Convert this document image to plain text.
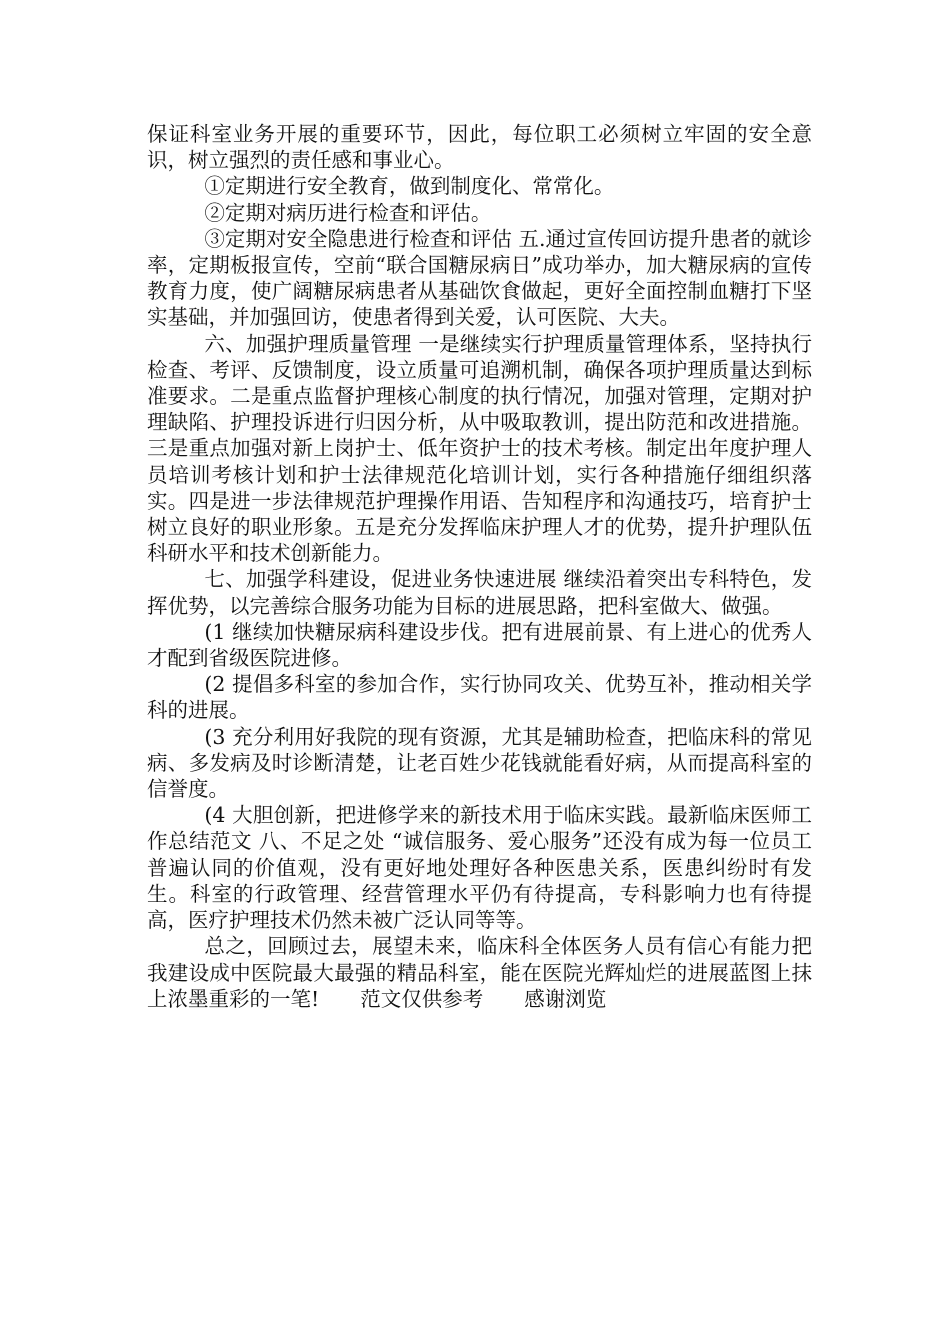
保证科室业务开展的重要环节，因此，每位职工必须树立牢固的安全意识，树立强烈的责任感和事业心。

①定期进行安全教育，做到制度化、常常化。

②定期对病历进行检查和评估。

③定期对安全隐患进行检查和评估 五.通过宣传回访提升患者的就诊率，定期板报宣传，空前“联合国糖尿病日”成功举办，加大糖尿病的宣传教育力度，使广阔糖尿病患者从基础饮食做起，更好全面控制血糖打下坚实基础，并加强回访，使患者得到关爱，认可医院、大夫。

六、加强护理质量管理 一是继续实行护理质量管理体系，坚持执行检查、考评、反馈制度，设立质量可追溯机制，确保各项护理质量达到标准要求。二是重点监督护理核心制度的执行情况，加强对管理，定期对护理缺陷、护理投诉进行归因分析，从中吸取教训，提出防范和改进措施。三是重点加强对新上岗护士、低年资护士的技术考核。制定出年度护理人员培训考核计划和护士法律规范化培训计划，实行各种措施仔细组织落实。四是进一步法律规范护理操作用语、告知程序和沟通技巧，培育护士树立良好的职业形象。五是充分发挥临床护理人才的优势，提升护理队伍科研水平和技术创新能力。

七、加强学科建设，促进业务快速进展 继续沿着突出专科特色，发挥优势，以完善综合服务功能为目标的进展思路，把科室做大、做强。

(1 继续加快糖尿病科建设步伐。把有进展前景、有上进心的优秀人才配到省级医院进修。

(2 提倡多科室的参加合作，实行协同攻关、优势互补，推动相关学科的进展。

(3 充分利用好我院的现有资源，尤其是辅助检查，把临床科的常见病、多发病及时诊断清楚，让老百姓少花钱就能看好病，从而提高科室的信誉度。

(4 大胆创新，把进修学来的新技术用于临床实践。最新临床医师工作总结范文 八、不足之处 “诚信服务、爱心服务”还没有成为每一位员工普遍认同的价值观，没有更好地处理好各种医患关系，医患纠纷时有发生。科室的行政管理、经营管理水平仍有待提高，专科影响力也有待提高，医疗护理技术仍然未被广泛认同等等。

总之，回顾过去，展望未来，临床科全体医务人员有信心有能力把我建设成中医院最大最强的精品科室，能在医院光辉灿烂的进展蓝图上抹上浓墨重彩的一笔!　　范文仅供参考　　感谢浏览
